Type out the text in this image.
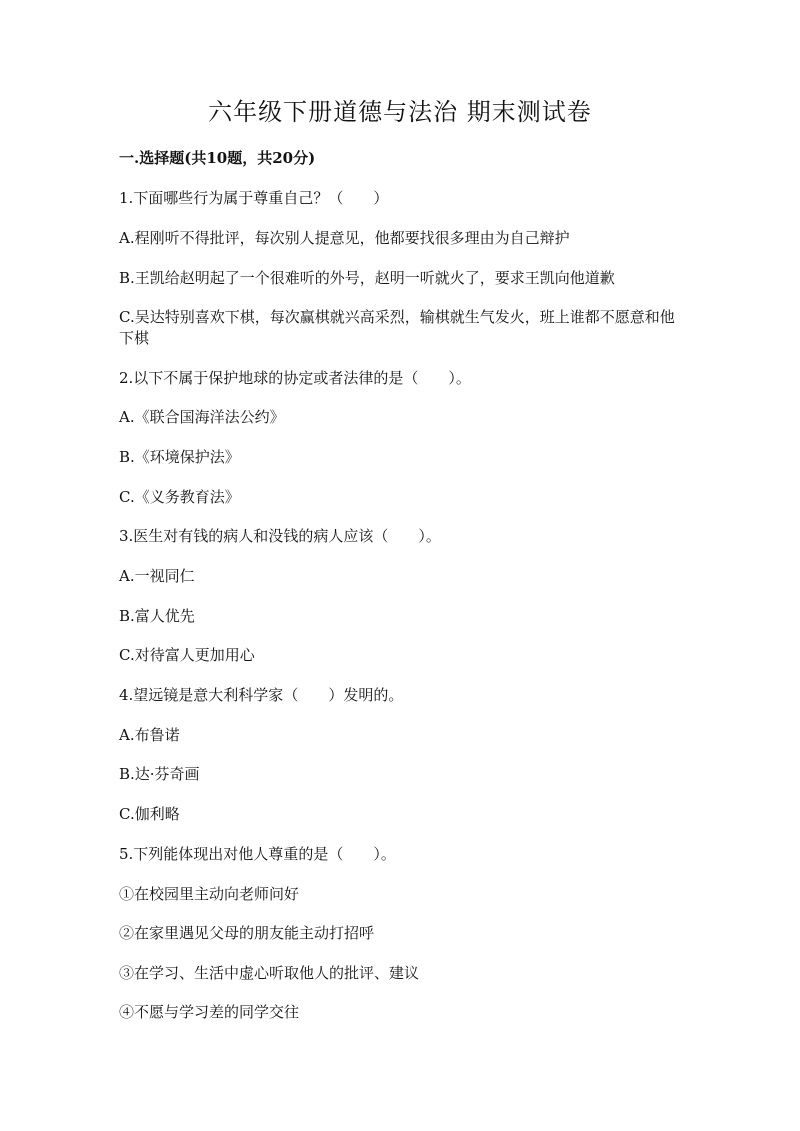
六年级下册道德与法治 期末测试卷
一.选择题(共10题，共20分)
1.下面哪些行为属于尊重自己？（　　）
A.程刚听不得批评，每次别人提意见，他都要找很多理由为自己辩护
B.王凯给赵明起了一个很难听的外号，赵明一听就火了，要求王凯向他道歉
C.吴达特别喜欢下棋，每次赢棋就兴高采烈，输棋就生气发火，班上谁都不愿意和他下棋
2.以下不属于保护地球的协定或者法律的是（　　）。
A.《联合国海洋法公约》
B.《环境保护法》
C.《义务教育法》
3.医生对有钱的病人和没钱的病人应该（　　）。
A.一视同仁
B.富人优先
C.对待富人更加用心
4.望远镜是意大利科学家（　　）发明的。
A.布鲁诺
B.达·芬奇画
C.伽利略
5.下列能体现出对他人尊重的是（　　）。
①在校园里主动向老师问好
②在家里遇见父母的朋友能主动打招呼
③在学习、生活中虚心听取他人的批评、建议
④不愿与学习差的同学交往
